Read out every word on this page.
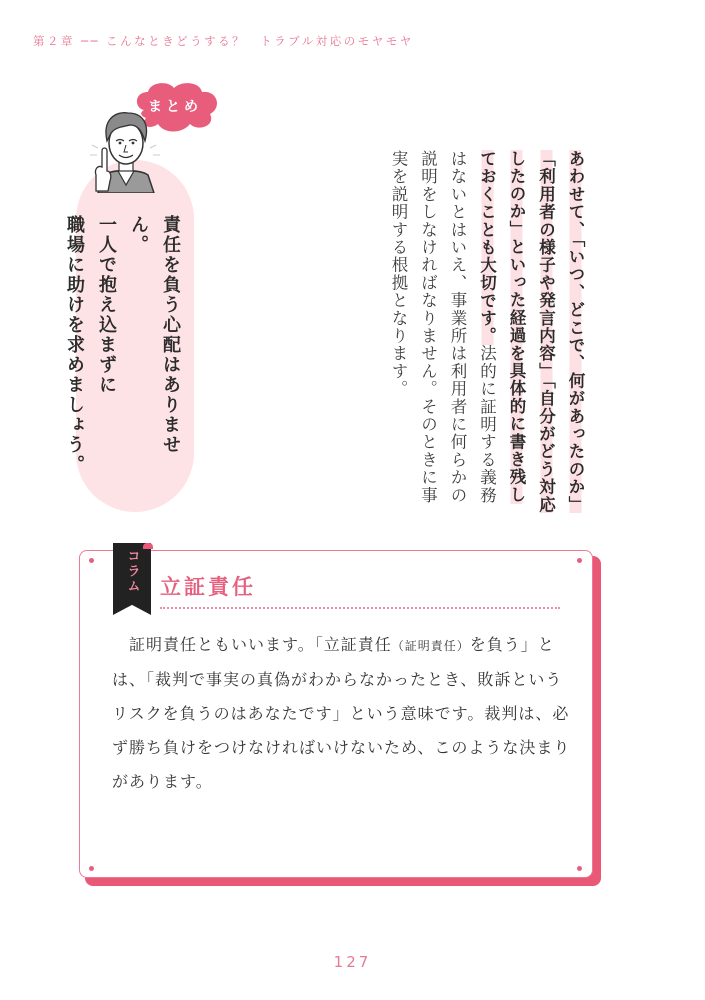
第２章 ── こんなときどうする？　トラブル対応のモヤモヤ
まとめ
責任を負う心配はありません。
一人で抱え込まずに
職場に助けを求めましょう。	あわせて、「いつ、どこで、何があったのか」「利用者の様子や発言内容」「自分がどう対応したのか」といった経過を具体的に書き残しておくことも大切です。法的に証明する義務はないとはいえ、事業所は利用者に何らかの説明をしなければなりません。そのときに事実を説明する根拠となります。
コラム 立証責任
　証明責任ともいいます。「立証責任（証明責任）を負う」とは、「裁判で事実の真偽がわからなかったとき、敗訴というリスクを負うのはあなたです」という意味です。裁判は、必ず勝ち負けをつけなければいけないため、このような決まりがあります。
127
